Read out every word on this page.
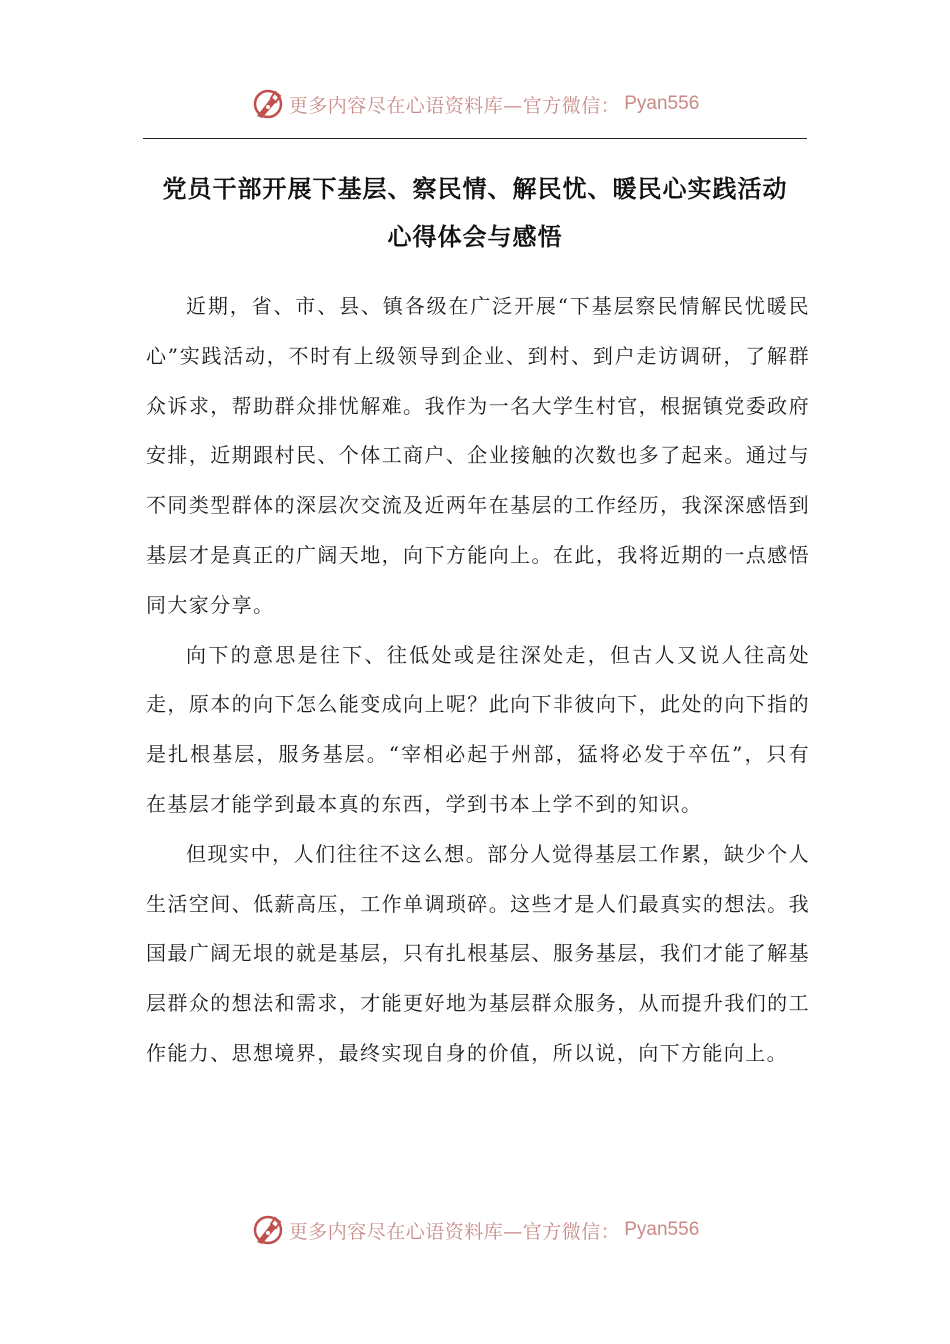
更多内容尽在心语资料库—官方微信： Pyan556
党员干部开展下基层、察民情、解民忧、暖民心实践活动
心得体会与感悟

近期，省、市、县、镇各级在广泛开展“下基层察民情解民忧暖民心”实践活动，不时有上级领导到企业、到村、到户走访调研，了解群众诉求，帮助群众排忧解难。我作为一名大学生村官，根据镇党委政府安排，近期跟村民、个体工商户、企业接触的次数也多了起来。通过与不同类型群体的深层次交流及近两年在基层的工作经历，我深深感悟到基层才是真正的广阔天地，向下方能向上。在此，我将近期的一点感悟同大家分享。

向下的意思是往下、往低处或是往深处走，但古人又说人往高处走，原本的向下怎么能变成向上呢？此向下非彼向下，此处的向下指的是扎根基层，服务基层。“宰相必起于州部，猛将必发于卒伍”，只有在基层才能学到最本真的东西，学到书本上学不到的知识。

但现实中，人们往往不这么想。部分人觉得基层工作累，缺少个人生活空间、低薪高压，工作单调琐碎。这些才是人们最真实的想法。我国最广阔无垠的就是基层，只有扎根基层、服务基层，我们才能了解基层群众的想法和需求，才能更好地为基层群众服务，从而提升我们的工作能力、思想境界，最终实现自身的价值，所以说，向下方能向上。

更多内容尽在心语资料库—官方微信： Pyan556
